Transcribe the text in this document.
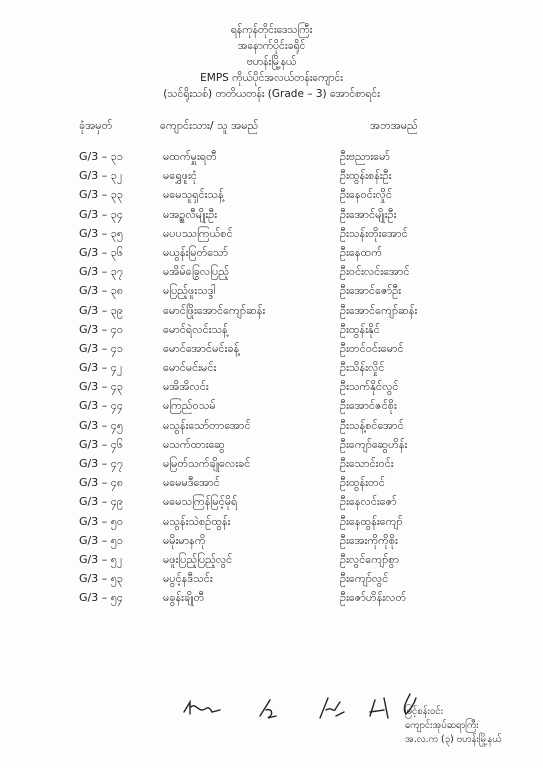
ရန်ကုန်တိုင်းဒေသကြီး
အနောက်ပိုင်းခရိုင်
ဗဟန်းမြို့နယ်
EMPS ကိုယ်ပိုင်အလယ်တန်းကျောင်း
(သင်ရိုးသစ်) တတိယတန်း (Grade – 3) အောင်စာရင်း
ခုံအမှတ်	ကျောင်းသား/ သူ အမည်	အဘအမည်
G/3 – ၃၁	မထက်မှူးရတီ	ဦးဗညားမော်
G/3 – ၃၂	မရွှေဖူးငုံ	ဦးထွန်းစန်းဦး
G/3 – ၃၃	မမေသူရှင်းသန့်	ဦးနေဝင်းလှိုင်
G/3 – ၃၄	မအဥ္စလီမျိုးဦး	ဦးအောင်မျိုးဦး
G/3 – ၃၅	မပပဿကြယ်စင်	ဦးသန်းတိုးအောင်
G/3 – ၃၆	မယွန်းမြတ်သော်	ဦးနေထက်
G/3 – ၃၇	မအိမ်ခြွေလပြည့်	ဦးဝင်းလင်းအောင်
G/3 – ၃၈	မပြည့်ဖူးသဒ္ဒါ	ဦးအောင်ဇော်ဦး
G/3 – ၃၉	မောင်ဖြိုးအောင်ကျော်ဆန်း	ဦးအောင်ကျော်ဆန်း
G/3 – ၄၀	မောင်ရဲလင်းသန့်	ဦးထွန်းနိုင်
G/3 – ၄၁	မောင်အောင်မင်းခန့်	ဦးတင်ဝင်းမောင်
G/3 – ၄၂	မောင်မင်းမင်း	ဦးသိန်းလှိုင်
G/3 – ၄၃	မအိအိလင်း	ဦးသက်နိုင်လွင်
G/3 – ၄၄	မကြည်ဝသမ်	ဦးအောင်ဇင်စိုး
G/3 – ၄၅	မသွန်းသော်တာအောင်	ဦးသန့်စင်အောင်
G/3 – ၄၆	မသက်ထားဆွေ	ဦးကျော်ဆွေဟိန်း
G/3 – ၄၇	မမြတ်သက်ချိုလေးခင်	ဦးသောင်းဝင်း
G/3 – ၄၈	မမေမဒီအောင်	ဦးထွန်းတင်
G/3 – ၄၉	မမေသကြန်မြင့်မိုရ်	ဦးနေလင်းဇော်
G/3 – ၅၀	မသွန်းသဲစဉ်ထွန်း	ဦးနေထွန်းကျော်
G/3 – ၅၁	မမိုးမာနကို	ဦးအေးကိုကိုစိုး
G/3 – ၅၂	မဖူးပြည့်ပြည့်လွင်	ဦးလွင်ကျော်စွာ
G/3 – ၅၃	မပွင့်နဒီသင်း	ဦးကျော်လွင်
G/3 – ၅၄	မခွန်းချိုတီ	ဦးဇော်ဟိန်းလတ်
မြင့်စန်းဝင်း
ကျောင်းအုပ်ဆရာကြီး
အ.လ.က (၃) ဗဟန်းမြို့နယ်
